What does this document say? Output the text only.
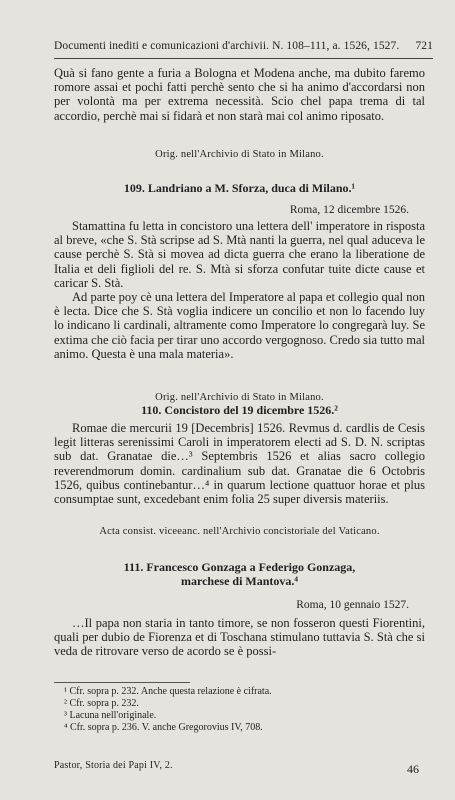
Documenti inediti e comunicazioni d'archivii. N. 108–111, a. 1526, 1527. 721

Quà si fano gente a furia a Bologna et Modena anche, ma dubito faremo romore assai et pochi fatti perchè sento che si ha animo d'accordarsi non per volontà ma per extrema necessità. Scio chel papa trema di tal accordio, perchè mai si fidarà et non starà mai col animo riposato.

Orig. nell'Archivio di Stato in Milano.

109. Landriano a M. Sforza, duca di Milano.¹

Roma, 12 dicembre 1526.

Stamattina fu letta in concistoro una lettera dell' imperatore in risposta al breve, «che S. Stà scripse ad S. Mtà nanti la guerra, nel qual aduceva le cause perchè S. Stà si movea ad dicta guerra che erano la liberatione de Italia et deli figlioli del re. S. Mtà si sforza confutar tuite dicte cause et caricar S. Stà.

Ad parte poy cè una lettera del Imperatore al papa et collegio qual non è lecta. Dice che S. Stà voglia indicere un concilio et non lo facendo luy lo indicano li cardinali, altramente como Imperatore lo congregarà luy. Se extima che ciò facia per tirar uno accordo vergognoso. Credo sia tutto mal animo. Questa è una mala materia».

Orig. nell'Archivio di Stato in Milano.

110. Concistoro del 19 dicembre 1526.²

Romae die mercurii 19 [Decembris] 1526. Revmus d. cardlis de Cesis legit litteras serenissimi Caroli in imperatorem electi ad S. D. N. scriptas sub dat. Granatae die…³ Septembris 1526 et alias sacro collegio reverendmorum domin. cardinalium sub dat. Granatae die 6 Octobris 1526, quibus continebantur…⁴ in quarum lectione quattuor horae et plus consumptae sunt, excedebant enim folia 25 super diversis materiis.

Acta consist. viceeanc. nell'Archivio concistoriale del Vaticano.

111. Francesco Gonzaga a Federigo Gonzaga,

marchese di Mantova.⁴

Roma, 10 gennaio 1527.

…Il papa non staria in tanto timore, se non fosseron questi Fiorentini, quali per dubio de Fiorenza et di Toschana stimulano tuttavia S. Stà che si veda de ritrovare verso de acordo se è possi-

¹ Cfr. sopra p. 232. Anche questa relazione è cifrata.

² Cfr. sopra p. 232.

³ Lacuna nell'originale.

⁴ Cfr. sopra p. 236. V. anche Gregorovius IV, 708.

Pastor, Storia dei Papi IV, 2.	46
